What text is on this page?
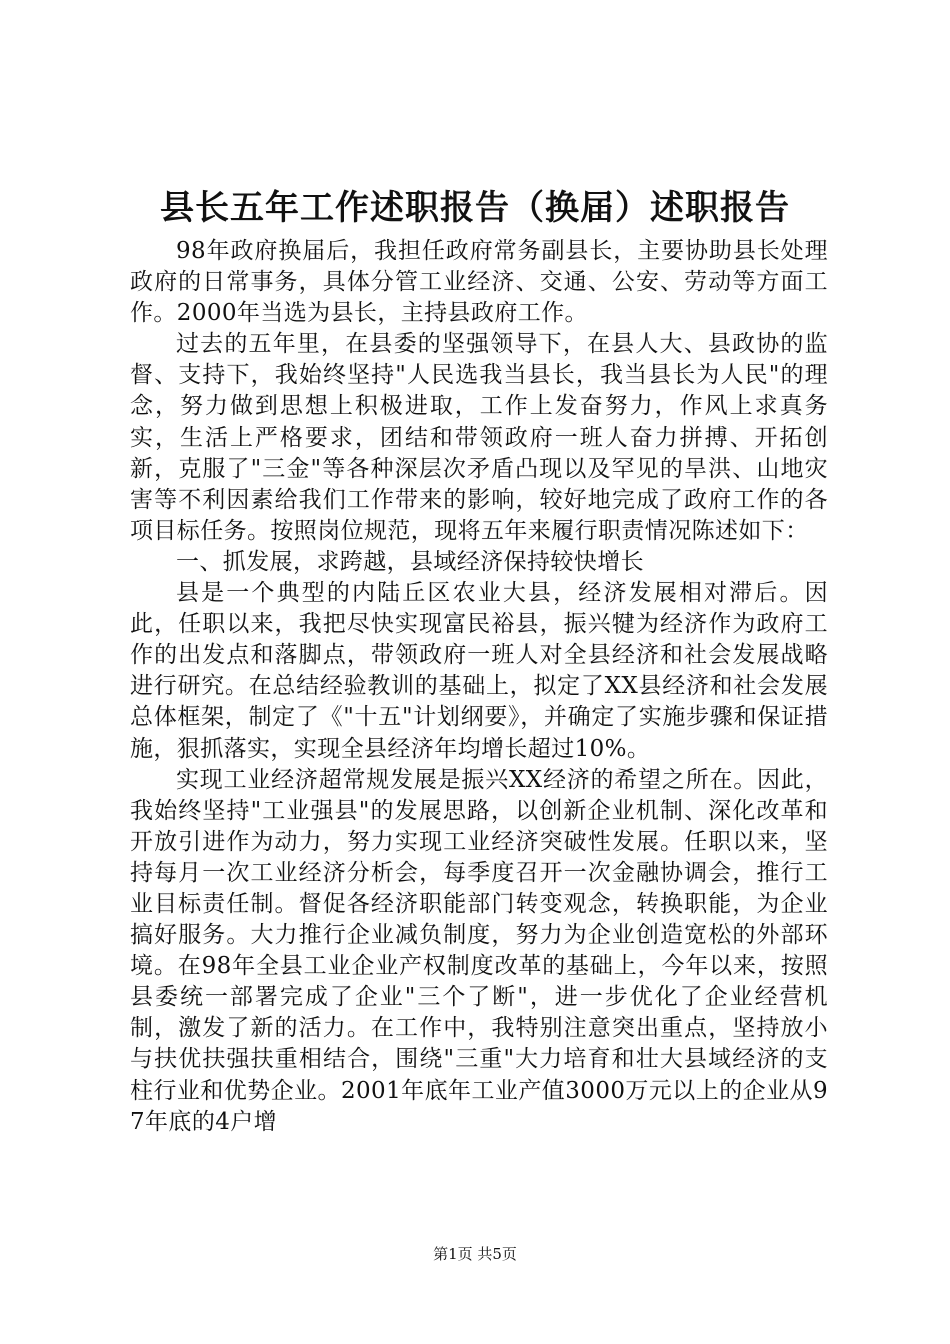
县长五年工作述职报告（换届）述职报告

98年政府换届后，我担任政府常务副县长，主要协助县长处理政府的日常事务，具体分管工业经济、交通、公安、劳动等方面工作。2000年当选为县长，主持县政府工作。

过去的五年里，在县委的坚强领导下，在县人大、县政协的监督、支持下，我始终坚持"人民选我当县长，我当县长为人民"的理念，努力做到思想上积极进取，工作上发奋努力，作风上求真务实，生活上严格要求，团结和带领政府一班人奋力拼搏、开拓创新，克服了"三金"等各种深层次矛盾凸现以及罕见的旱洪、山地灾害等不利因素给我们工作带来的影响，较好地完成了政府工作的各项目标任务。按照岗位规范，现将五年来履行职责情况陈述如下：

一、抓发展，求跨越，县域经济保持较快增长

县是一个典型的内陆丘区农业大县，经济发展相对滞后。因此，任职以来，我把尽快实现富民裕县，振兴犍为经济作为政府工作的出发点和落脚点，带领政府一班人对全县经济和社会发展战略进行研究。在总结经验教训的基础上，拟定了XX县经济和社会发展总体框架，制定了《"十五"计划纲要》，并确定了实施步骤和保证措施，狠抓落实，实现全县经济年均增长超过10%。

实现工业经济超常规发展是振兴XX经济的希望之所在。因此，我始终坚持"工业强县"的发展思路，以创新企业机制、深化改革和开放引进作为动力，努力实现工业经济突破性发展。任职以来，坚持每月一次工业经济分析会，每季度召开一次金融协调会，推行工业目标责任制。督促各经济职能部门转变观念，转换职能，为企业搞好服务。大力推行企业减负制度，努力为企业创造宽松的外部环境。在98年全县工业企业产权制度改革的基础上，今年以来，按照县委统一部署完成了企业"三个了断"，进一步优化了企业经营机制，激发了新的活力。在工作中，我特别注意突出重点，坚持放小与扶优扶强扶重相结合，围绕"三重"大力培育和壮大县域经济的支柱行业和优势企业。2001年底年工业产值3000万元以上的企业从97年底的4户增

第1页 共5页
